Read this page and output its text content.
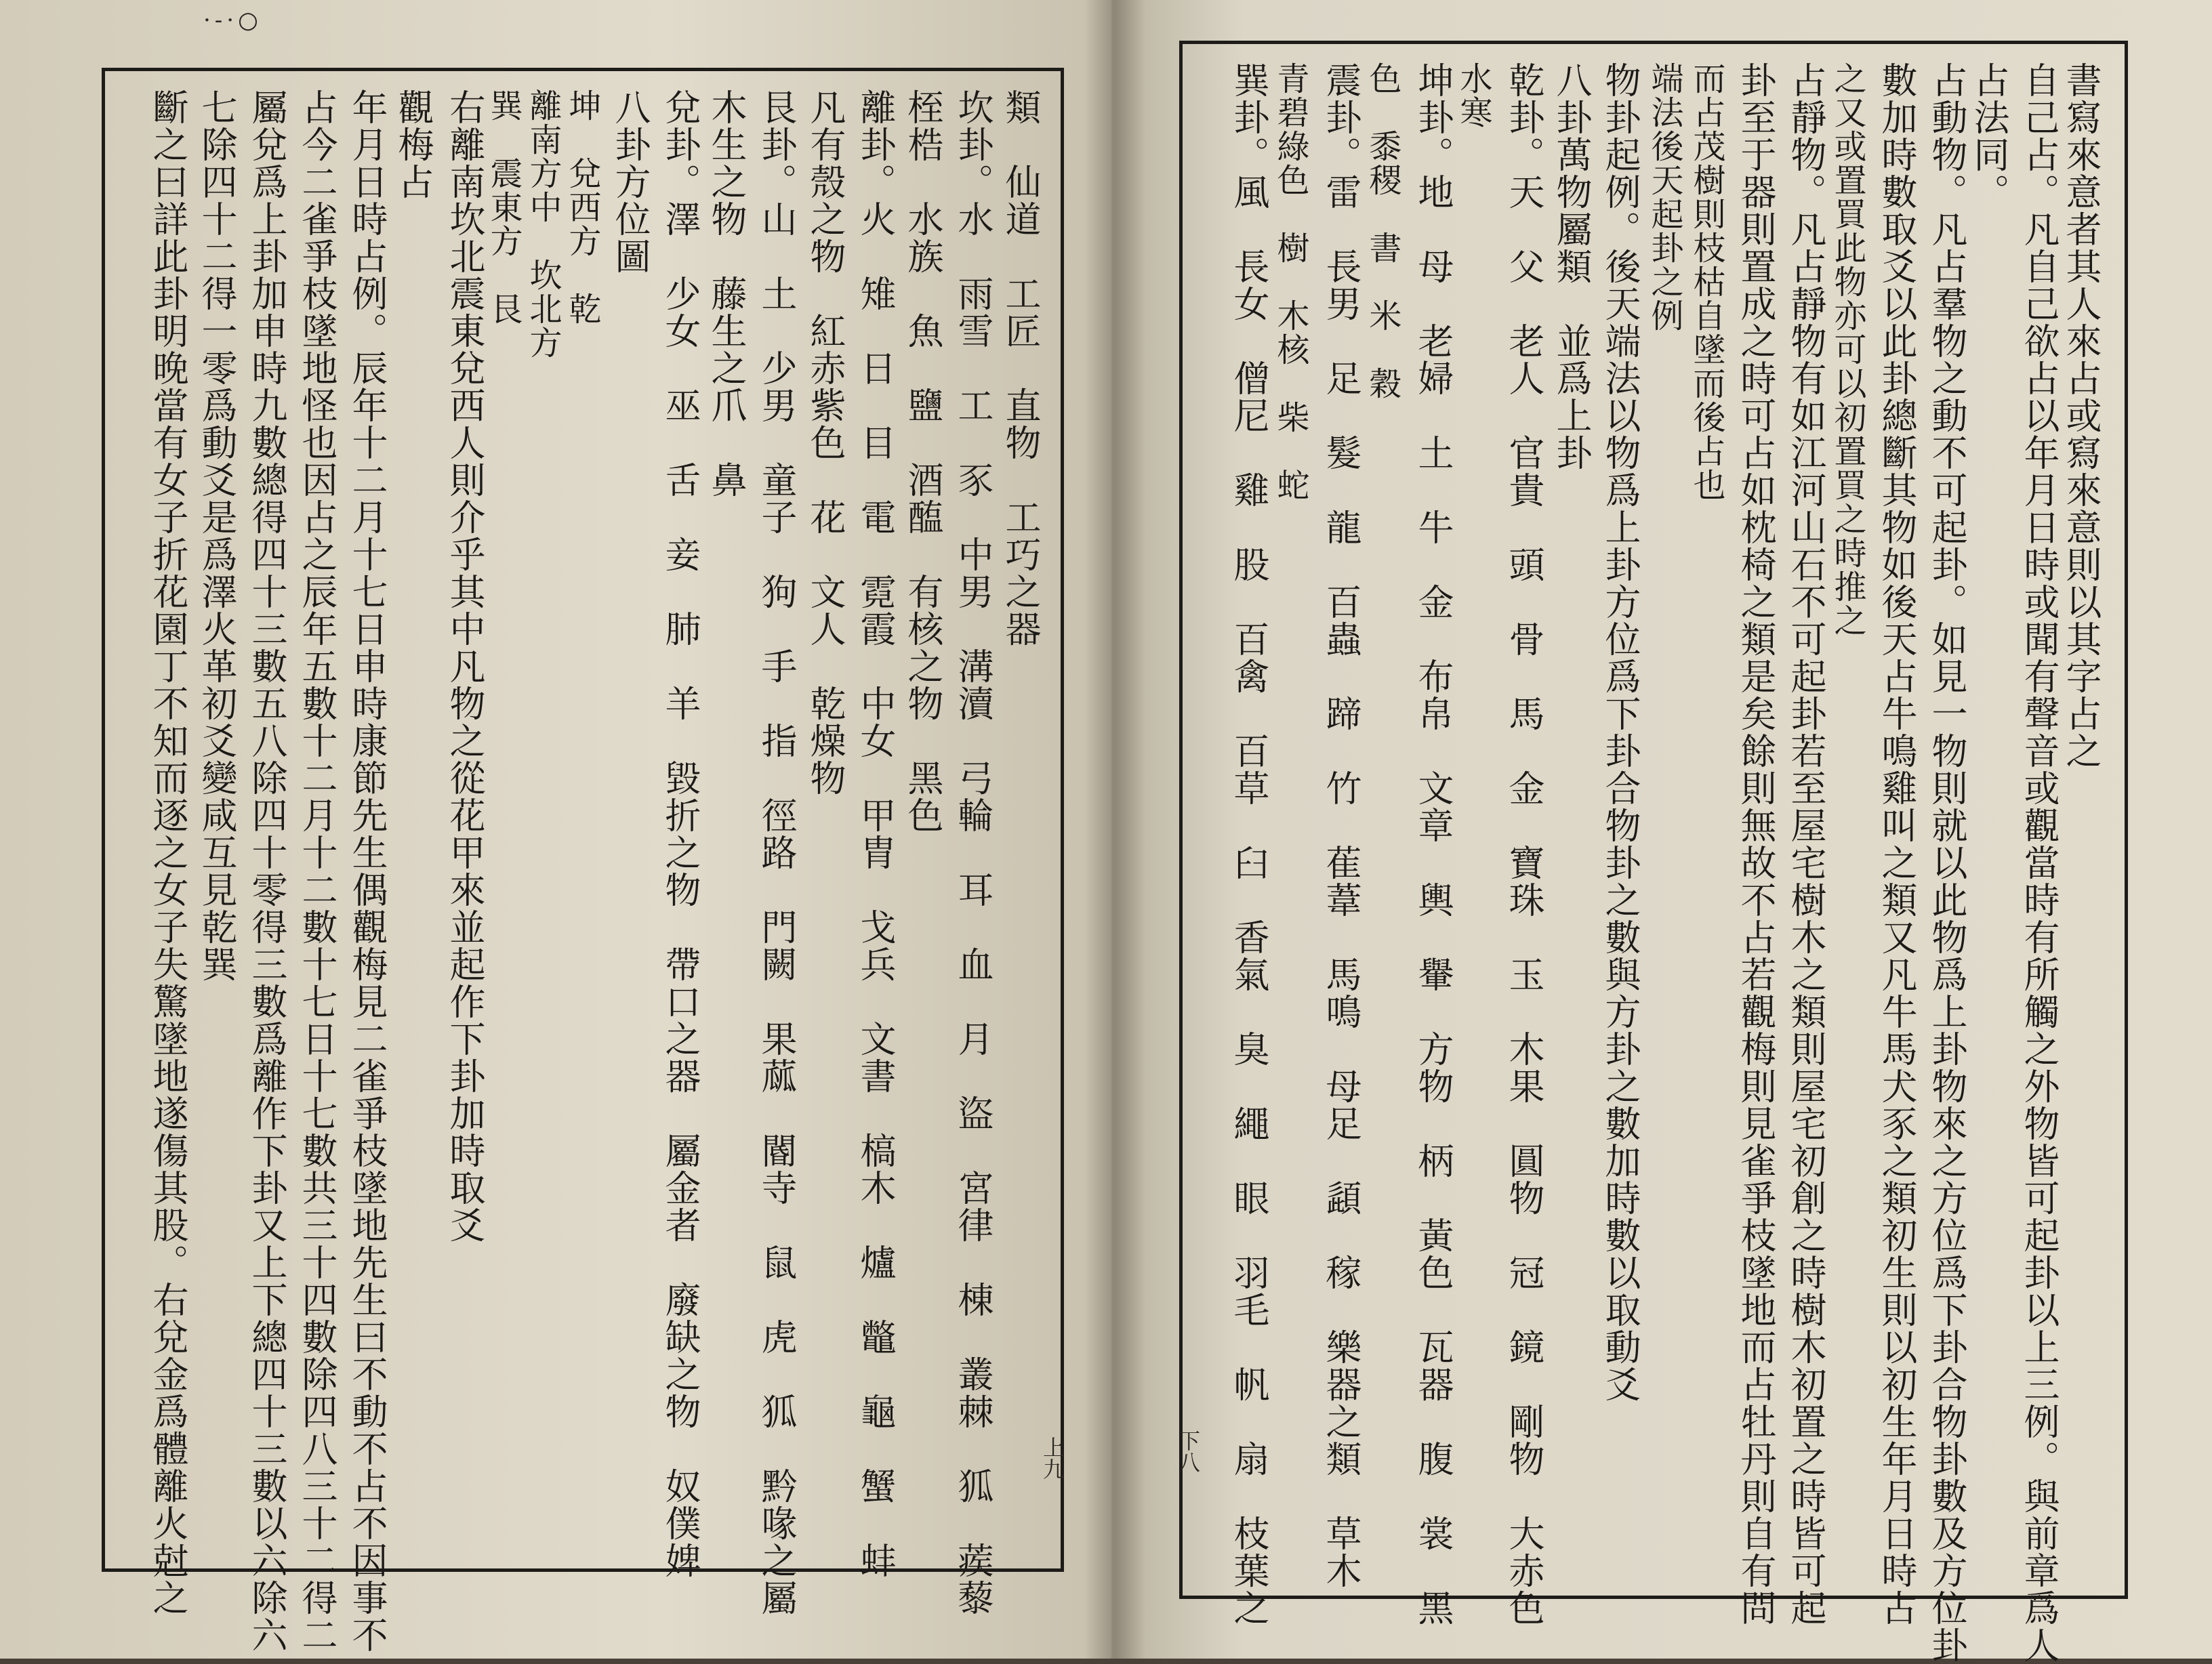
·-·○
書寫來意者其人來占或寫來意則以其字占之
自己占。凡自己欲占以年月日時或聞有聲音或觀當時有所觸之外物皆可起卦以上三例。與前章爲人
占法同。
占動物。凡占羣物之動不可起卦。如見一物則就以此物爲上卦物來之方位爲下卦合物卦數及方位卦
數加時數取爻以此卦總斷其物如後天占牛鳴雞叫之類又凡牛馬犬豕之類初生則以初生年月日時占
之又或置買此物亦可以初置買之時推之
占靜物。凡占靜物有如江河山石不可起卦若至屋宅樹木之類則屋宅初創之時樹木初置之時皆可起
卦至于器則置成之時可占如枕椅之類是矣餘則無故不占若觀梅則見雀爭枝墜地而占牡丹則自有問
而占茂樹則枝枯自墜而後占也
端法後天起卦之例
物卦起例。後天端法以物爲上卦方位爲下卦合物卦之數與方卦之數加時數以取動爻
八卦萬物屬類　並爲上卦
乾卦。天　父　老人　官貴　頭　骨　馬　金　寶珠　玉　木果　圓物　冠　鏡　剛物　大赤色
水寒
坤卦。地　母　老婦　土　牛　金　布帛　文章　輿　轝　方物　柄　黃色　瓦器　腹　裳　黑
色　黍稷　書　米　穀
震卦。雷　長男　足　髮　龍　百蟲　蹄　竹　萑葦　馬鳴　母足　頿　稼　樂器之類　草木
青碧綠色　樹　木核　柴　蛇
巽卦。風　長女　僧尼　雞　股　百禽　百草　臼　香氣　臭　繩　眼　羽毛　帆　扇　枝葉之
下八
類　仙道　工匠　直物　工巧之器
坎卦。水　雨雪　工　豕　中男　溝瀆　弓輪　耳　血　月　盜　宮律　棟　叢棘　狐　蒺藜
桎梏　水族　魚　鹽　酒醢　有核之物　黑色
離卦。火　雉　日　目　電　霓霞　中女　甲胄　戈兵　文書　槁木　爐　鼈　龜　蟹　蚌
凡有殼之物　紅赤紫色　花　文人　乾燥物
艮卦。山　土　少男　童子　狗　手　指　徑路　門闕　果蓏　閽寺　鼠　虎　狐　黔喙之屬
木生之物　藤生之爪　鼻
兌卦。澤　少女　巫　舌　妾　肺　羊　毀折之物　帶口之器　屬金者　廢缺之物　奴僕婢
八卦方位圖
坤　兌西方　乾
離南方中　坎北方
巽　震東方　艮
右離南坎北震東兌西人則介乎其中凡物之從花甲來並起作下卦加時取爻
觀梅占
年月日時占例。辰年十二月十七日申時康節先生偶觀梅見二雀爭枝墜地先生曰不動不占不因事不
占今二雀爭枝墜地怪也因占之辰年五數十二月十二數十七日十七數共三十四數除四八三十二得二
屬兌爲上卦加申時九數總得四十三數五八除四十零得三數爲離作下卦又上下總四十三數以六除六
七除四十二得一零爲動爻是爲澤火革初爻變咸互見乾巽
斷之曰詳此卦明晚當有女子折花園丁不知而逐之女子失驚墜地遂傷其股。右兌金爲體離火尅之	上九
